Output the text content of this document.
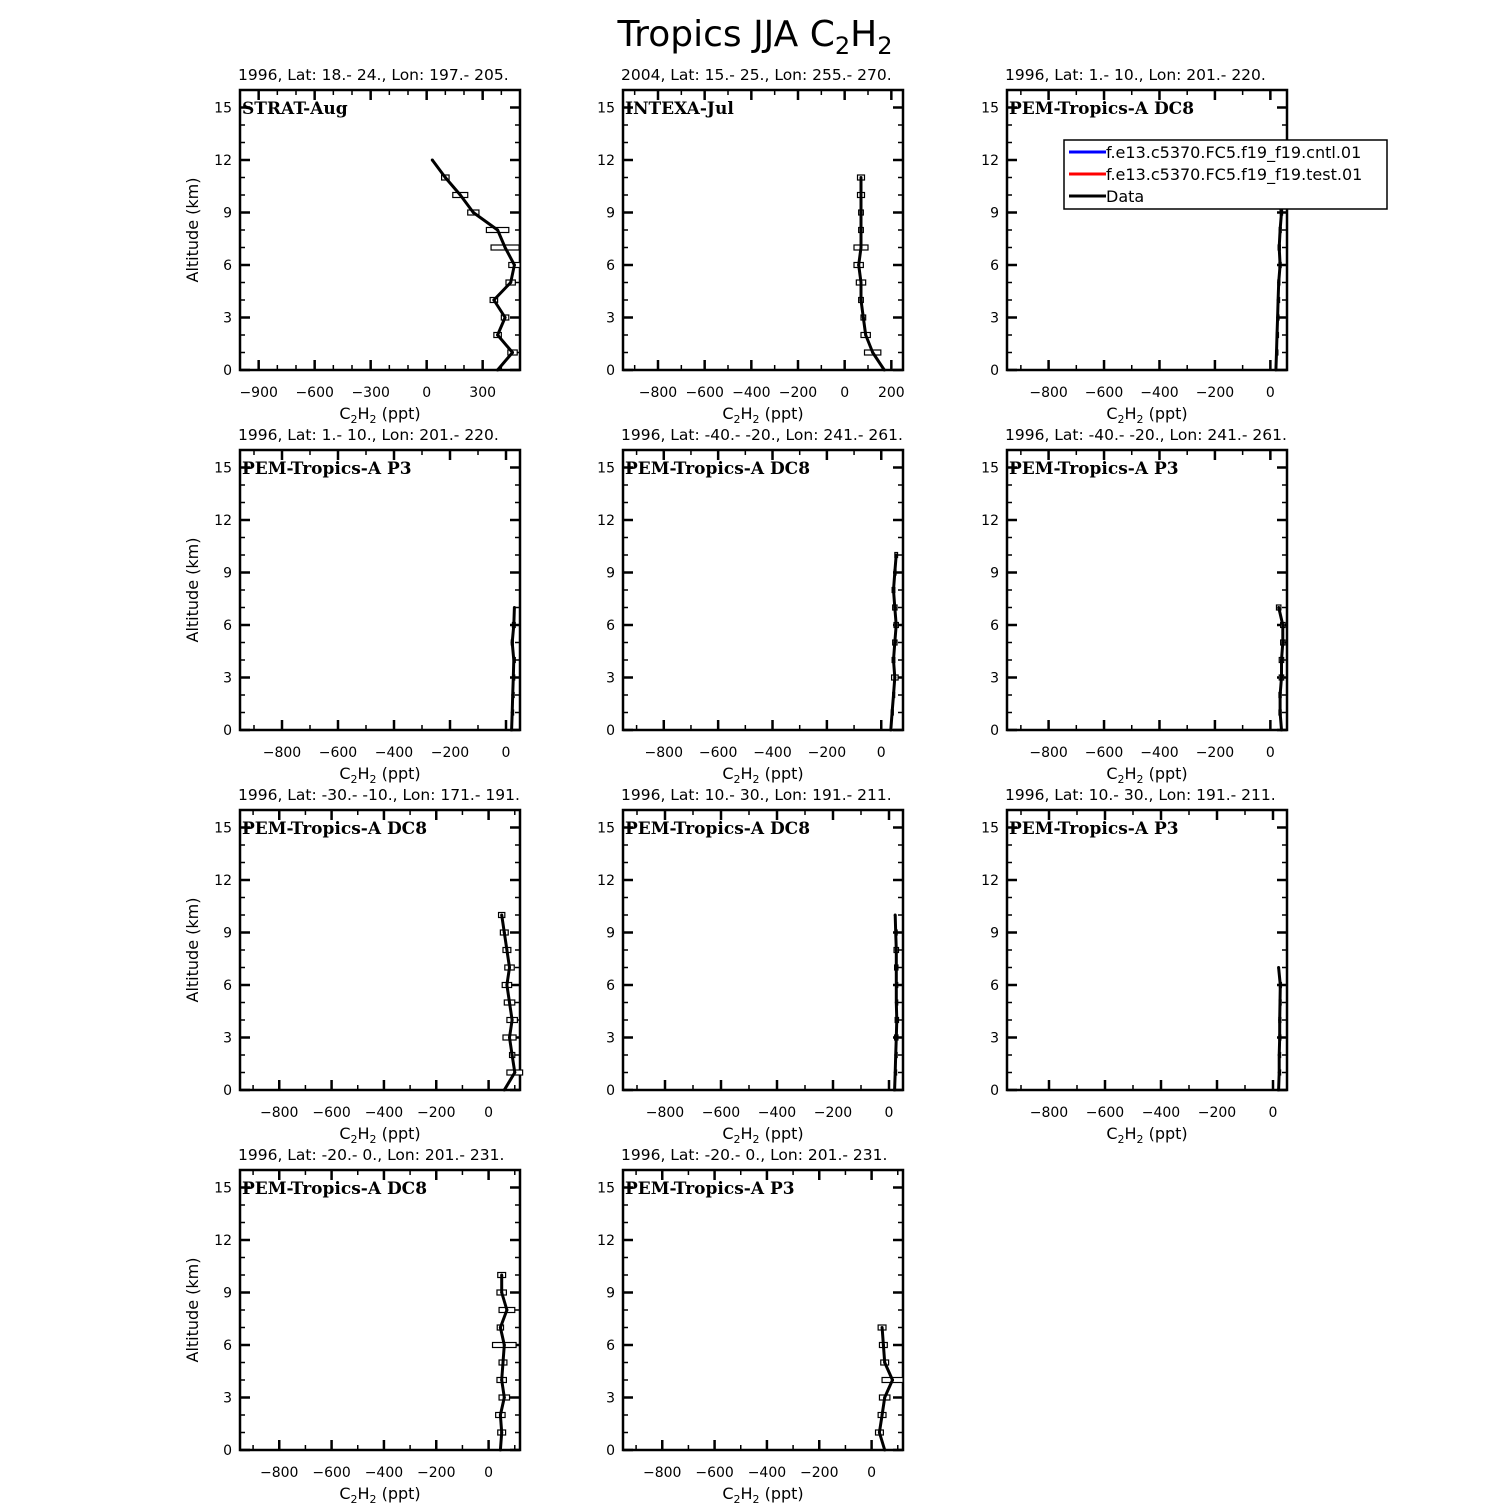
Tropics JJA $C_2H_2$
0
3
6
9
12
15
−900 −600 −300 0	300
Altitude (km)
$C_2H_2$ (ppt)
1996, Lat: 18.- 24., Lon: 197.- 205.
STRAT-Aug
0
3
6
9
12
15
−800 −600 −400 −200 0 200
$C_2H_2$ (ppt)
2004, Lat: 15.- 25., Lon: 255.- 270.
INTEXA-Jul
0
3
6
9
12
15
−800 −600 −400 −200 0
$C_2H_2$ (ppt)
1996, Lat: 1.- 10., Lon: 201.- 220.
PEM-Tropics-A DC8
0
3
6
9
12
15
−800 −600 −400 −200 0
Altitude (km)
$C_2H_2$ (ppt)
1996, Lat: 1.- 10., Lon: 201.- 220.
PEM-Tropics-A P3
0
3
6
9
12
15
−800 −600 −400 −200 0
$C_2H_2$ (ppt)
1996, Lat: -40.- -20., Lon: 241.- 261.
PEM-Tropics-A DC8
0
3
6
9
12
15
−800 −600 −400 −200 0
$C_2H_2$ (ppt)
1996, Lat: -40.- -20., Lon: 241.- 261.
PEM-Tropics-A P3
0
3
6
9
12
15
−800 −600 −400 −200 0
Altitude (km)
$C_2H_2$ (ppt)
1996, Lat: -30.- -10., Lon: 171.- 191.
PEM-Tropics-A DC8
0
3
6
9
12
15
−800 −600 −400 −200 0
$C_2H_2$ (ppt)
1996, Lat: 10.- 30., Lon: 191.- 211.
PEM-Tropics-A DC8
0
3
6
9
12
15
−800 −600 −400 −200 0
$C_2H_2$ (ppt)
1996, Lat: 10.- 30., Lon: 191.- 211.
PEM-Tropics-A P3
0
3
6
9
12
15
−800 −600 −400 −200 0
Altitude (km)
$C_2H_2$ (ppt)
1996, Lat: -20.- 0., Lon: 201.- 231.
PEM-Tropics-A DC8
0
3
6
9
12
15
−800 −600 −400 −200 0
$C_2H_2$ (ppt)
1996, Lat: -20.- 0., Lon: 201.- 231.
PEM-Tropics-A P3
f.e13.c5370.FC5.f19_f19.cntl.01
f.e13.c5370.FC5.f19_f19.test.01
Data
